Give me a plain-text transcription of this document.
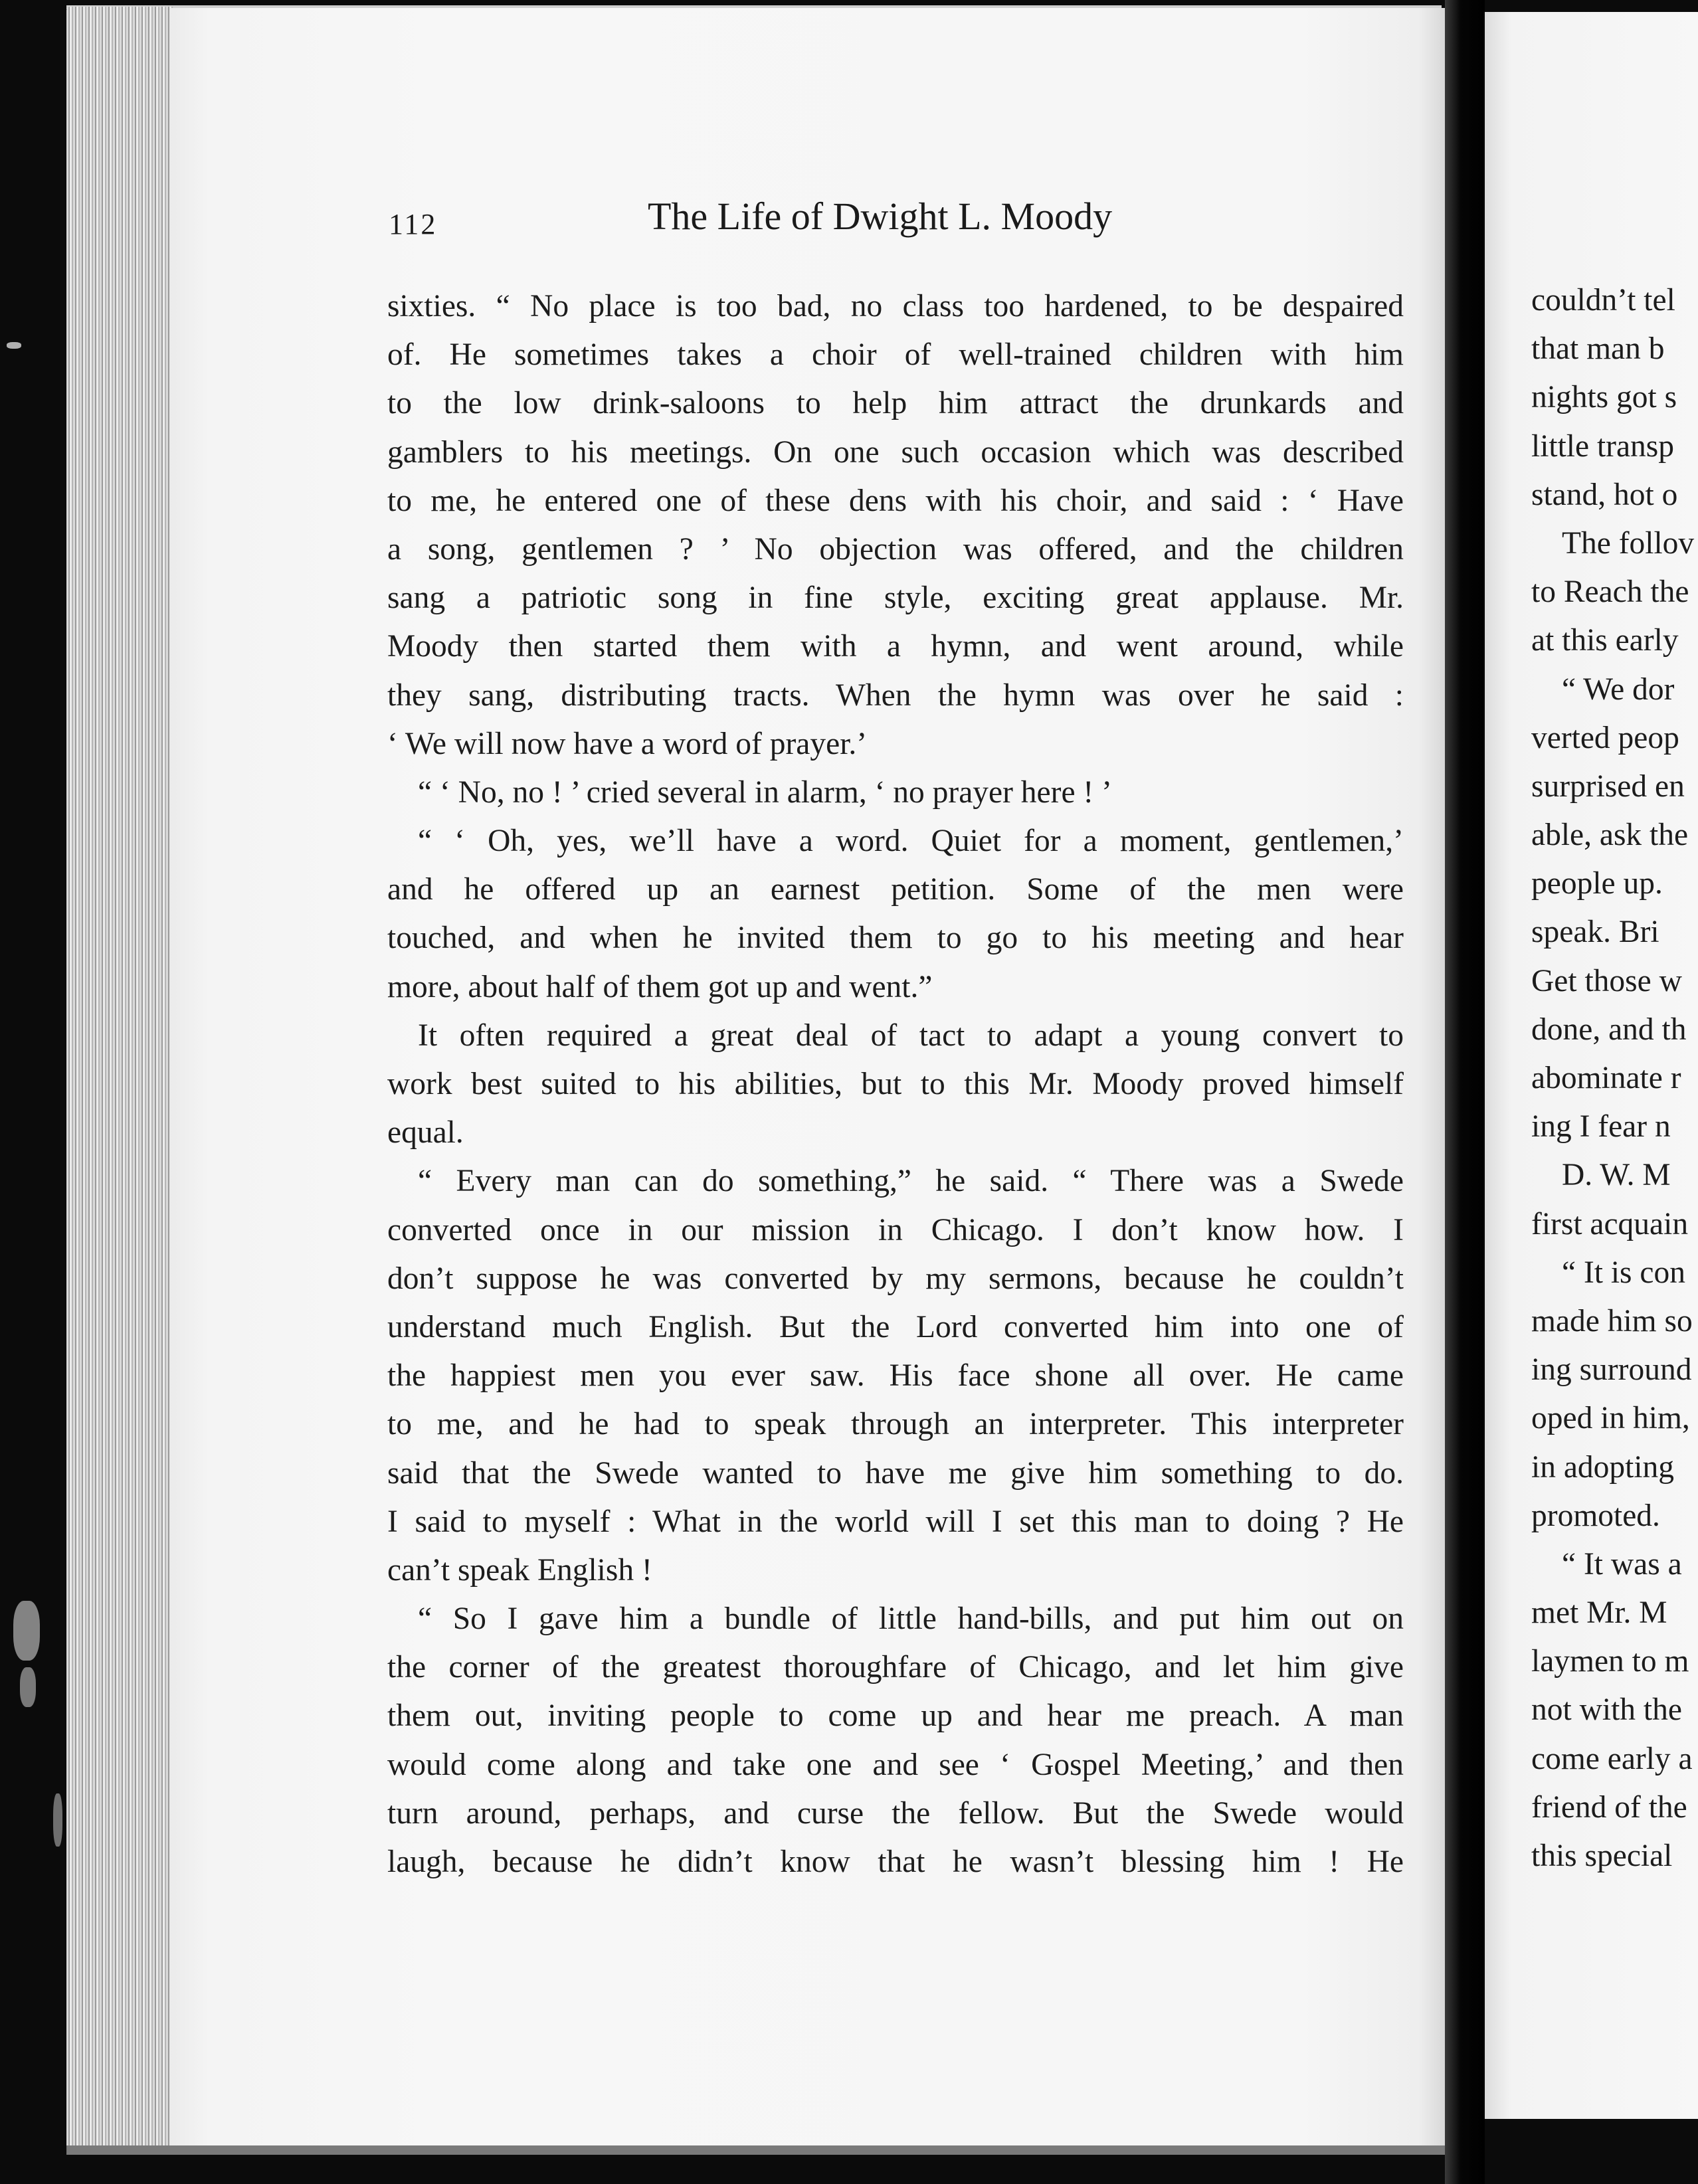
112	The Life of Dwight L. Moody
sixties. “ No place is too bad, no class too hardened, to be despaired
of. He sometimes takes a choir of well-trained children with him
to the low drink-saloons to help him attract the drunkards and
gamblers to his meetings. On one such occasion which was described
to me, he entered one of these dens with his choir, and said : ‘ Have
a song, gentlemen ? ’ No objection was offered, and the children
sang a patriotic song in fine style, exciting great applause. Mr.
Moody then started them with a hymn, and went around, while
they sang, distributing tracts. When the hymn was over he said :
‘ We will now have a word of prayer.’
“ ‘ No, no ! ’ cried several in alarm, ‘ no prayer here ! ’
“ ‘ Oh, yes, we’ll have a word. Quiet for a moment, gentlemen,’
and he offered up an earnest petition. Some of the men were
touched, and when he invited them to go to his meeting and hear
more, about half of them got up and went.”
It often required a great deal of tact to adapt a young convert to
work best suited to his abilities, but to this Mr. Moody proved himself
equal.
“ Every man can do something,” he said. “ There was a Swede
converted once in our mission in Chicago. I don’t know how. I
don’t suppose he was converted by my sermons, because he couldn’t
understand much English. But the Lord converted him into one of
the happiest men you ever saw. His face shone all over. He came
to me, and he had to speak through an interpreter. This interpreter
said that the Swede wanted to have me give him something to do.
I said to myself : What in the world will I set this man to doing ? He
can’t speak English !
“ So I gave him a bundle of little hand-bills, and put him out on
the corner of the greatest thoroughfare of Chicago, and let him give
them out, inviting people to come up and hear me preach. A man
would come along and take one and see ‘ Gospel Meeting,’ and then
turn around, perhaps, and curse the fellow. But the Swede would
laugh, because he didn’t know that he wasn’t blessing him ! He
couldn’t tel
that man b
nights got s
little transp
stand, hot o
The follov
to Reach the
at this early
“ We dor
verted peop
surprised en
able, ask the
people up.
speak. Bri
Get those w
done, and th
abominate r
ing I fear n
D. W. M
first acquain
“ It is con
made him so
ing surround
oped in him,
in adopting
promoted.
“ It was a
met Mr. M
laymen to m
not with the
come early a
friend of the
this special
